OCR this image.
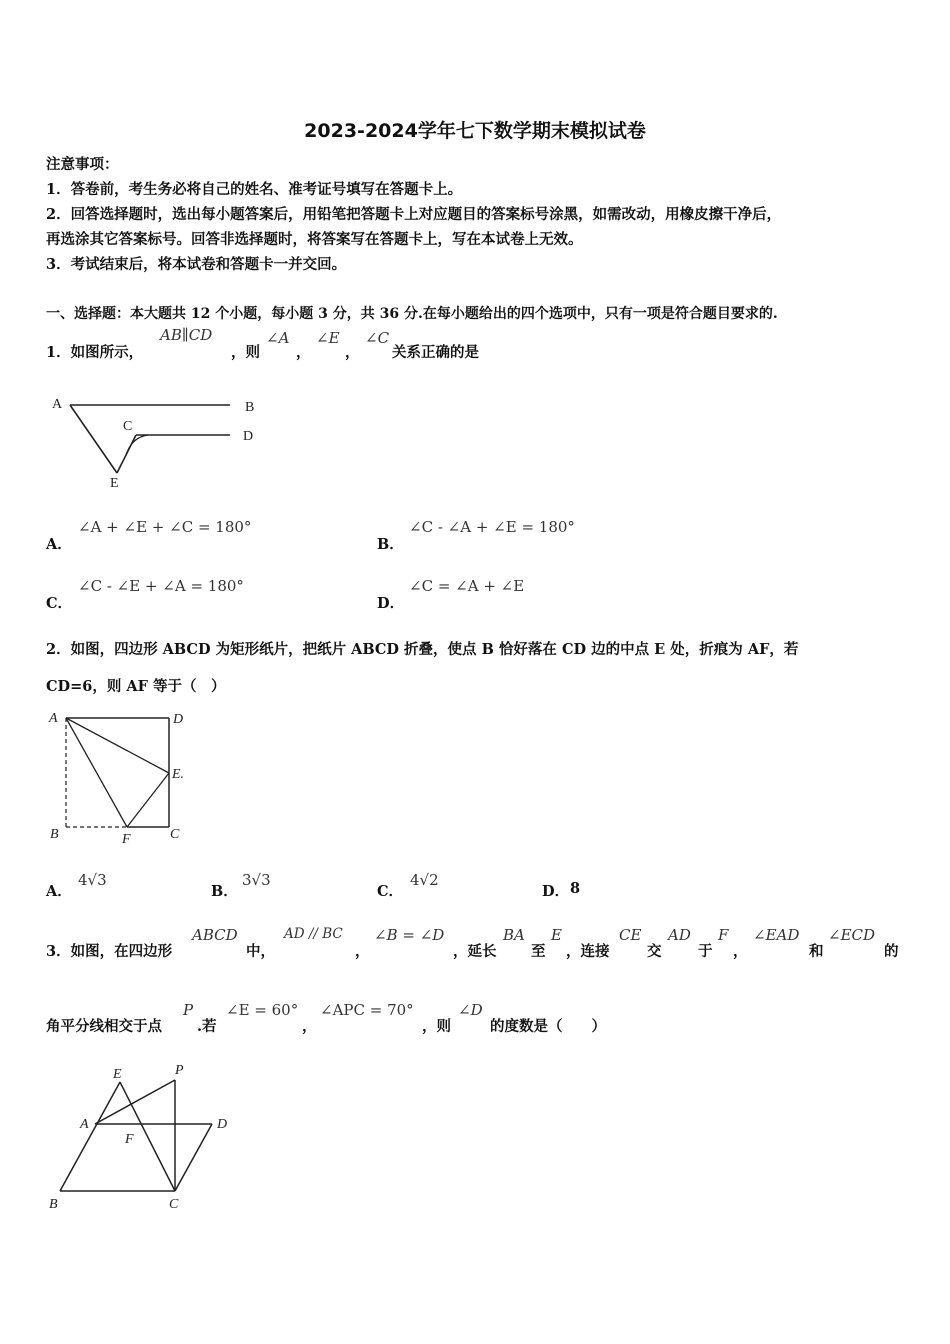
2023-2024学年七下数学期末模拟试卷
注意事项：
1．答卷前，考生务必将自己的姓名、准考证号填写在答题卡上。
2．回答选择题时，选出每小题答案后，用铅笔把答题卡上对应题目的答案标号涂黑，如需改动，用橡皮擦干净后，
再选涂其它答案标号。回答非选择题时，将答案写在答题卡上，写在本试卷上无效。
3．考试结束后，将本试卷和答题卡一并交回。
一、选择题：本大题共 12 个小题，每小题 3 分，共 36 分.在每小题给出的四个选项中，只有一项是符合题目要求的.
1．如图所示，
AB∥CD
，则
∠A
，
∠E
，
∠C
关系正确的是
A	B
C
D
E
A．
∠A + ∠E + ∠C = 180°
B．
∠C - ∠A + ∠E = 180°
C．
∠C - ∠E + ∠A = 180°
D．
∠C = ∠A + ∠E
2．如图，四边形 ABCD 为矩形纸片，把纸片 ABCD 折叠，使点 B 恰好落在 CD 边的中点 E 处，折痕为 AF，若
CD=6，则 AF 等于（　）
A	D
E.
B	F	C
A．
4√3
B．
3√3
C．
4√2
D． 8
3．如图，在四边形
ABCD
中，
AD // BC
，
∠B = ∠D
，延长
BA
至
E
，连接
CE
交
AD
于
F
，
∠EAD
和
∠ECD
的
角平分线相交于点
P
.若
∠E = 60°
，
∠APC = 70°
，则
∠D
的度数是（　　）
E	P
A
F
D
B	C
